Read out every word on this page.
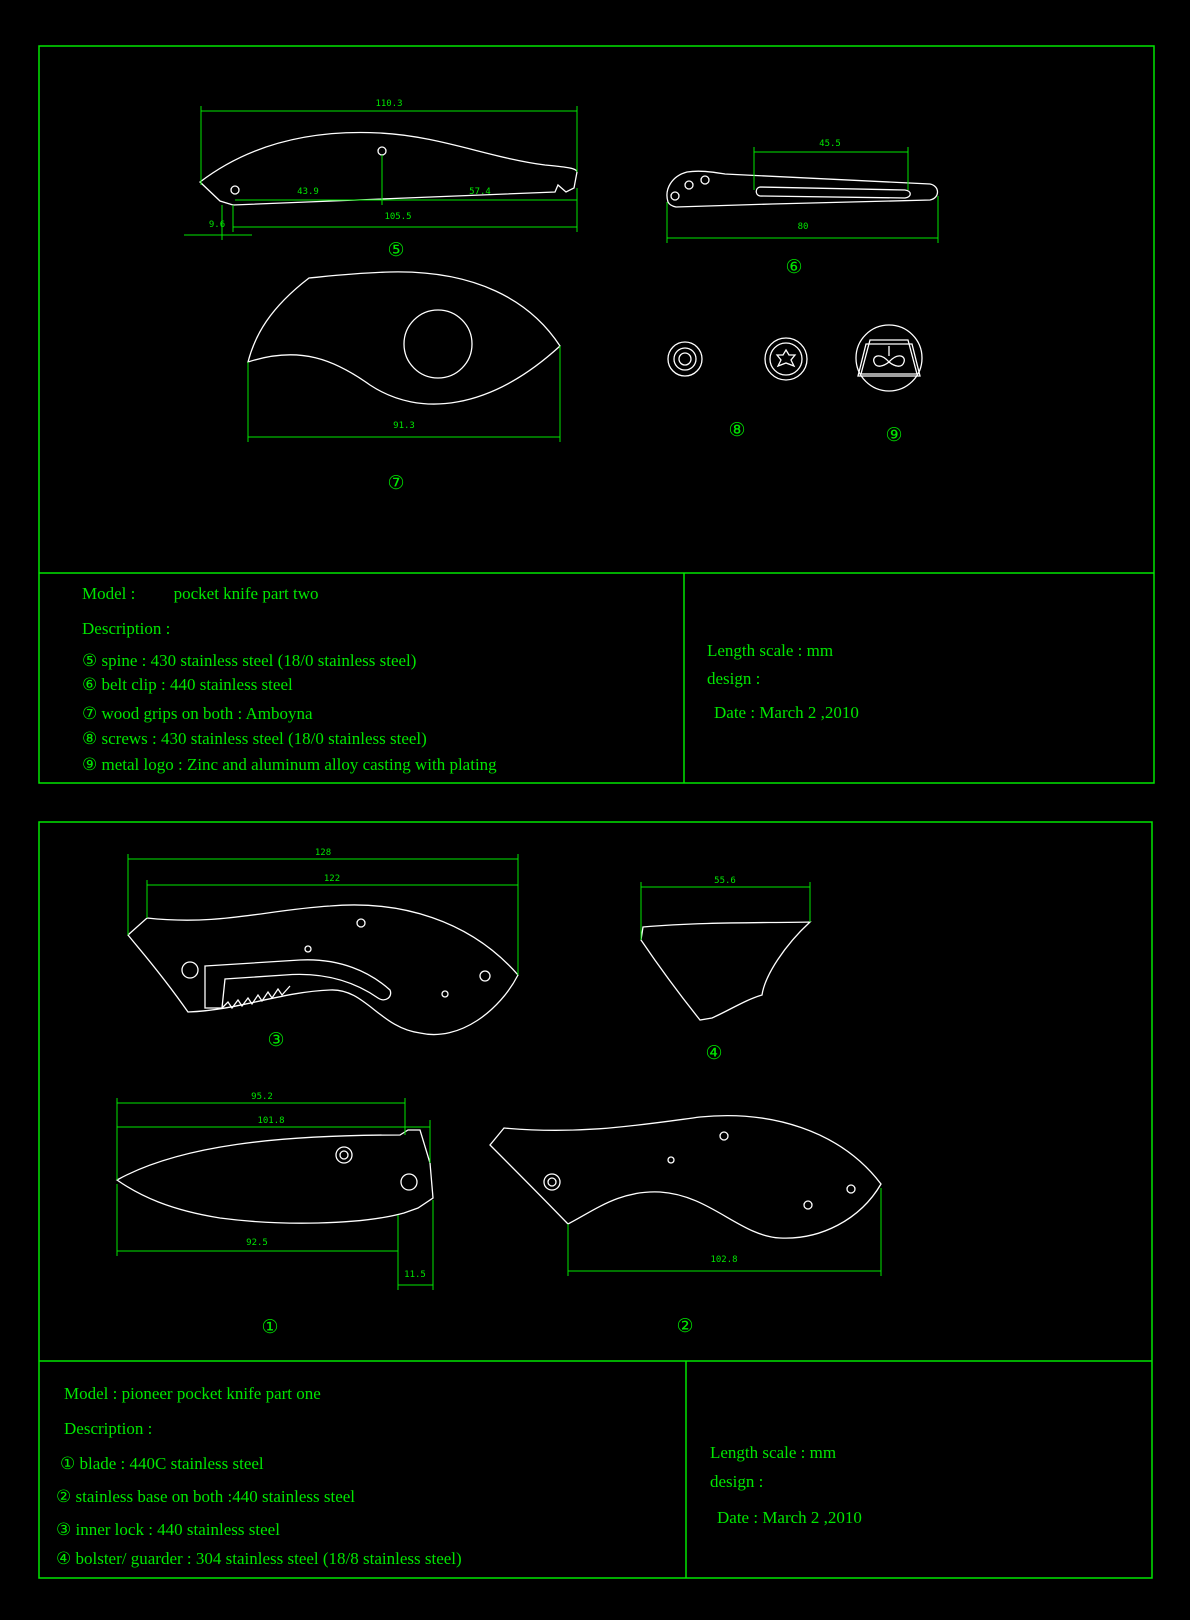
110.3
43.9	57.4
105.5
9.6
⑤
45.5
80
⑥
91.3
⑦
⑧	⑨
Model :         pocket knife part two
Description :
⑤ spine : 430 stainless steel (18/0 stainless steel)
⑥ belt clip : 440 stainless steel
⑦ wood grips on both : Amboyna
⑧ screws : 430 stainless steel (18/0 stainless steel)
⑨ metal logo : Zinc and aluminum alloy casting with plating
Length scale : mm
design :
Date : March 2 ,2010
128
122
③
55.6
④
95.2
101.8
92.5
11.5
①
102.8
②
Model : pioneer pocket knife part one
Description :
① blade : 440C stainless steel
② stainless base on both :440 stainless steel
③ inner lock : 440 stainless steel
④ bolster/ guarder : 304 stainless steel (18/8 stainless steel)
Length scale : mm
design :
Date : March 2 ,2010
